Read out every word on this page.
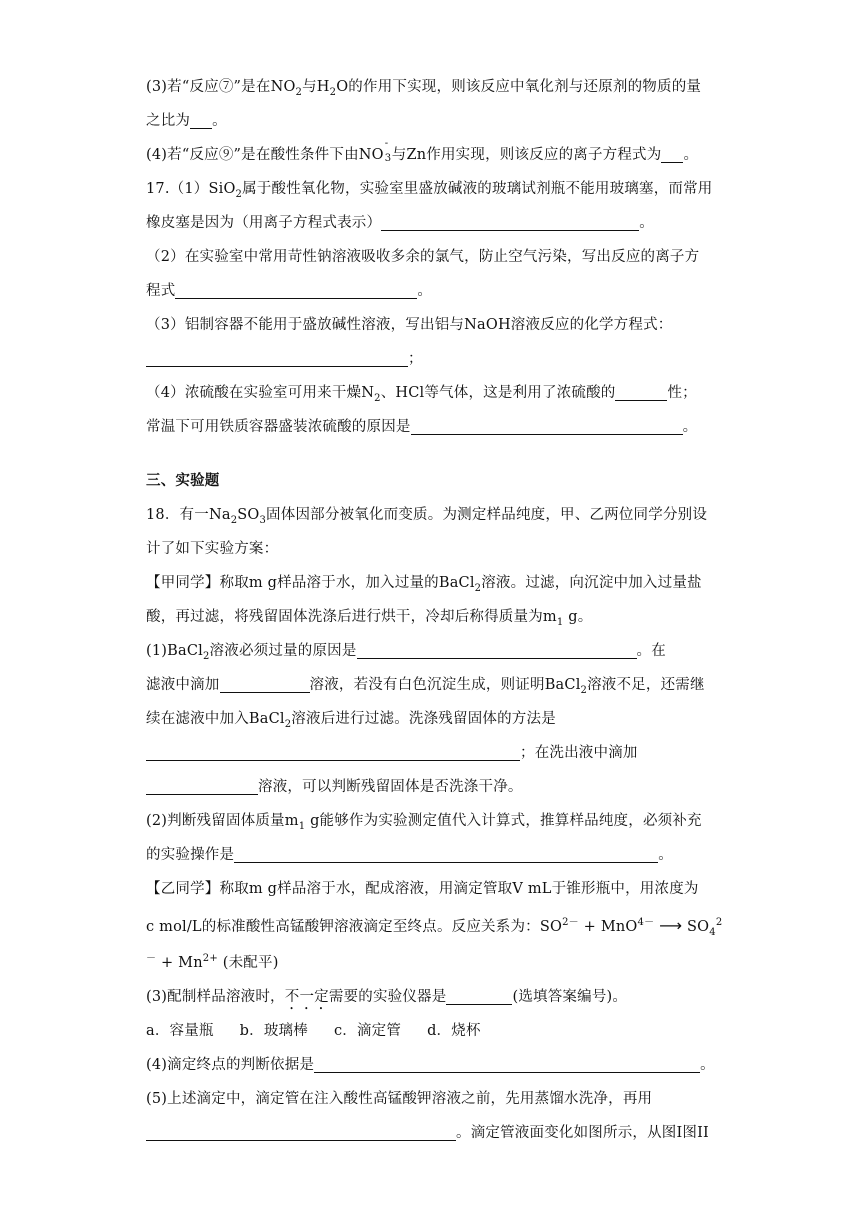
(3)若“反应⑦”是在$NO_2$与$H_2O$的作用下实现，则该反应中氧化剂与还原剂的物质的量
之比为 。
(4)若“反应⑨”是在酸性条件下由NO
-
3 与Zn作用实现，则该反应的离子方程式为 。
17.（1）SiO$_2$属于酸性氧化物，实验室里盛放碱液的玻璃试剂瓶不能用玻璃塞，而常用
橡皮塞是因为（用离子方程式表示）	。
（2）在实验室中常用苛性钠溶液吸收多余的氯气，防止空气污染，写出反应的离子方
程式	。
（3）铝制容器不能用于盛放碱性溶液，写出铝与NaOH溶液反应的化学方程式：
；
（4）浓硫酸在实验室可用来干燥$N_2$、HCl等气体，这是利用了浓硫酸的	性；
常温下可用铁质容器盛装浓硫酸的原因是	。
三、实验题
18．有一$Na_2SO_3$固体因部分被氧化而变质。为测定样品纯度，甲、乙两位同学分别设
计了如下实验方案：
【甲同学】称取m g样品溶于水，加入过量的BaCl$_2$溶液。过滤，向沉淀中加入过量盐
酸，再过滤，将残留固体洗涤后进行烘干，冷却后称得质量为$m_1$ g。
(1)BaCl$_2$溶液必须过量的原因是	。在
滤液中滴加	溶液，若没有白色沉淀生成，则证明BaCl$_2$溶液不足，还需继
续在滤液中加入BaCl$_2$溶液后进行过滤。洗涤残留固体的方法是
；在洗出液中滴加
溶液，可以判断残留固体是否洗涤干净。
(2)判断残留固体质量$m_1$ g能够作为实验测定值代入计算式，推算样品纯度，必须补充
的实验操作是	。
【乙同学】称取m g样品溶于水，配成溶液，用滴定管取V mL于锥形瓶中，用浓度为
c mol/L的标准酸性高锰酸钾溶液滴定至终点。反应关系为：$SO^{2-} + MnO^{4-}$ ⟶ $SO_4^2$
$^- + Mn^{2+}$ (未配平)
(3)配制样品溶液时，不一定需要的实验仪器是	(选填答案编号)。
a．容量瓶 b．玻璃棒 c．滴定管 d．烧杯
(4)滴定终点的判断依据是	。
(5)上述滴定中，滴定管在注入酸性高锰酸钾溶液之前，先用蒸馏水洗净，再用
。滴定管液面变化如图所示，从图I图II
